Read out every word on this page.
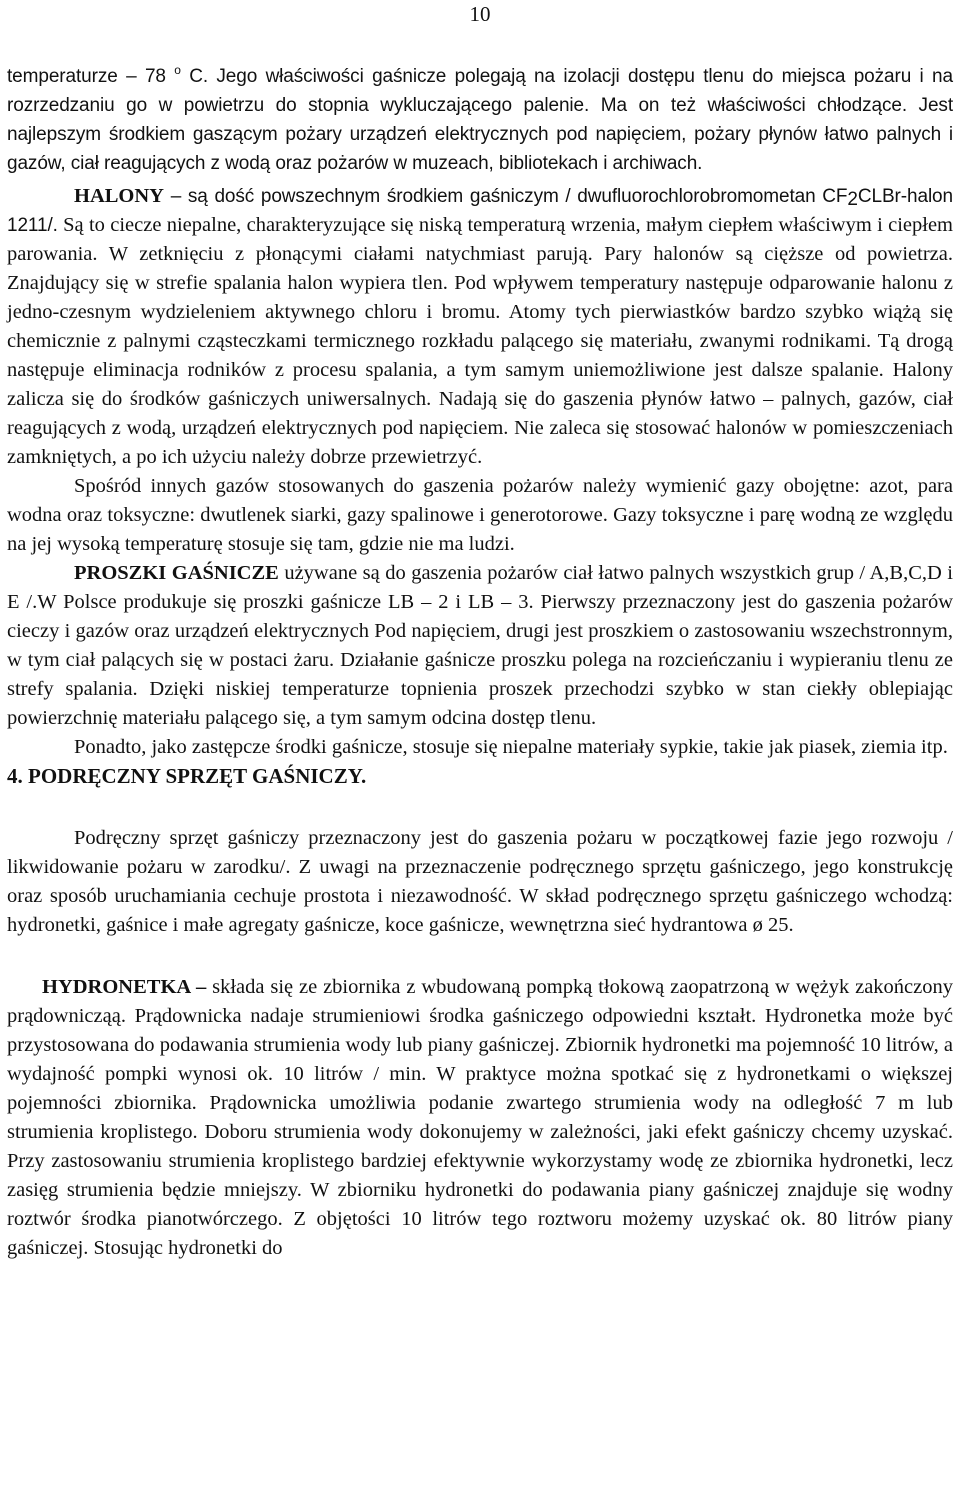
10

temperaturze – 78 $^o$ C. Jego właściwości gaśnicze polegają na izolacji dostępu tlenu do miejsca pożaru i na rozrzedzaniu go w powietrzu do stopnia wykluczającego palenie. Ma on też właściwości chłodzące. Jest najlepszym środkiem gaszącym pożary urządzeń elektrycznych pod napięciem, pożary płynów łatwo palnych i gazów, ciał reagujących z wodą oraz pożarów w muzeach, bibliotekach i archiwach.

HALONY – są dość powszechnym środkiem gaśniczym / dwufluorochlorobromometan $CF_2CLBr$-halon 1211/. Są to ciecze niepalne, charakteryzujące się niską temperaturą wrzenia, małym ciepłem właściwym i ciepłem parowania. W zetknięciu z płonącymi ciałami natychmiast parują. Pary halonów są cięższe od powietrza. Znajdujący się w strefie spalania halon wypiera tlen. Pod wpływem temperatury następuje odparowanie halonu z jedno-czesnym wydzieleniem aktywnego chloru i bromu. Atomy tych pierwiastków bardzo szybko wiążą się chemicznie z palnymi cząsteczkami termicznego rozkładu palącego się materiału, zwanymi rodnikami. Tą drogą następuje eliminacja rodników z procesu spalania, a tym samym uniemożliwione jest dalsze spalanie. Halony zalicza się do środków gaśniczych uniwersalnych. Nadają się do gaszenia płynów łatwo – palnych, gazów, ciał reagujących z wodą, urządzeń elektrycznych pod napięciem. Nie zaleca się stosować halonów w pomieszczeniach zamkniętych, a po ich użyciu należy dobrze przewietrzyć.

Spośród innych gazów stosowanych do gaszenia pożarów należy wymienić gazy obojętne: azot, para wodna oraz toksyczne: dwutlenek siarki, gazy spalinowe i generotorowe. Gazy toksyczne i parę wodną ze względu na jej wysoką temperaturę stosuje się tam, gdzie nie ma ludzi.

PROSZKI GAŚNICZE używane są do gaszenia pożarów ciał łatwo palnych wszystkich grup / A,B,C,D i E /.W Polsce produkuje się proszki gaśnicze LB – 2 i LB – 3. Pierwszy przeznaczony jest do gaszenia pożarów cieczy i gazów oraz urządzeń elektrycznych Pod napięciem, drugi jest proszkiem o zastosowaniu wszechstronnym, w tym ciał palących się w postaci żaru. Działanie gaśnicze proszku polega na rozcieńczaniu i wypieraniu tlenu ze strefy spalania. Dzięki niskiej temperaturze topnienia proszek przechodzi szybko w stan ciekły oblepiając powierzchnię materiału palącego się, a tym samym odcina dostęp tlenu.

Ponadto, jako zastępcze środki gaśnicze, stosuje się niepalne materiały sypkie, takie jak piasek, ziemia itp.

4. PODRĘCZNY SPRZĘT GAŚNICZY.

Podręczny sprzęt gaśniczy przeznaczony jest do gaszenia pożaru w początkowej fazie jego rozwoju / likwidowanie pożaru w zarodku/. Z uwagi na przeznaczenie podręcznego sprzętu gaśniczego, jego konstrukcję oraz sposób uruchamiania cechuje prostota i niezawodność. W skład podręcznego sprzętu gaśniczego wchodzą: hydronetki, gaśnice i małe agregaty gaśnicze, koce gaśnicze, wewnętrzna sieć hydrantowa ø 25.

HYDRONETKA – składa się ze zbiornika z wbudowaną pompką tłokową zaopatrzoną w wężyk zakończony prądownicząą. Prądownicka nadaje strumieniowi środka gaśniczego odpowiedni kształt. Hydronetka może być przystosowana do podawania strumienia wody lub piany gaśniczej. Zbiornik hydronetki ma pojemność 10 litrów, a wydajność pompki wynosi ok. 10 litrów / min. W praktyce można spotkać się z hydronetkami o większej pojemności zbiornika. Prądownicka umożliwia podanie zwartego strumienia wody na odległość 7 m lub strumienia kroplistego. Doboru strumienia wody dokonujemy w zależności, jaki efekt gaśniczy chcemy uzyskać. Przy zastosowaniu strumienia kroplistego bardziej efektywnie wykorzystamy wodę ze zbiornika hydronetki, lecz zasięg strumienia będzie mniejszy. W zbiorniku hydronetki do podawania piany gaśniczej znajduje się wodny roztwór środka pianotwórczego. Z objętości 10 litrów tego roztworu możemy uzyskać ok. 80 litrów piany gaśniczej. Stosując hydronetki do
